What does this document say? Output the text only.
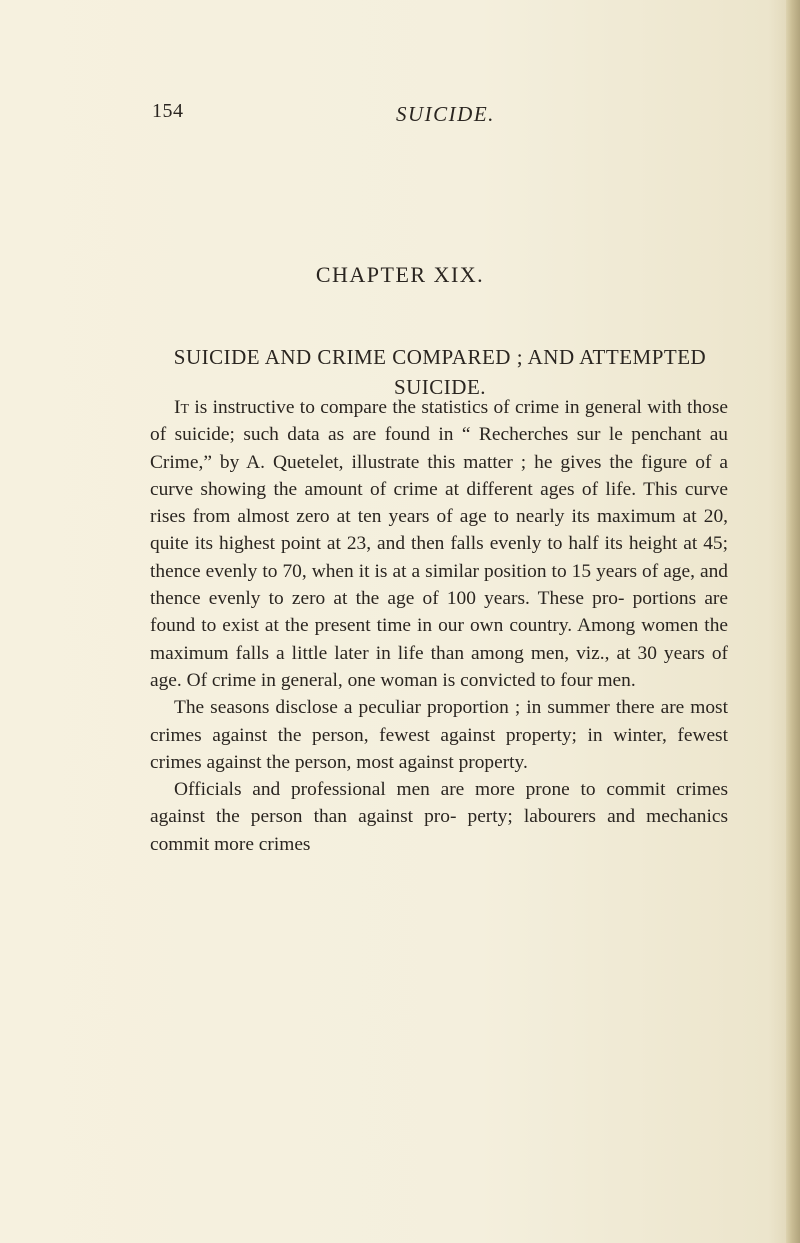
154	SUICIDE.
CHAPTER XIX.
SUICIDE AND CRIME COMPARED ; AND ATTEMPTED SUICIDE.

It is instructive to compare the statistics of crime in general with those of suicide; such data as are found in “ Recherches sur le penchant au Crime,” by A. Quetelet, illustrate this matter ; he gives the figure of a curve showing the amount of crime at different ages of life. This curve rises from almost zero at ten years of age to nearly its maximum at 20, quite its highest point at 23, and then falls evenly to half its height at 45; thence evenly to 70, when it is at a similar position to 15 years of age, and thence evenly to zero at the age of 100 years. These pro- portions are found to exist at the present time in our own country. Among women the maximum falls a little later in life than among men, viz., at 30 years of age. Of crime in general, one woman is convicted to four men.

The seasons disclose a peculiar proportion ; in summer there are most crimes against the person, fewest against property; in winter, fewest crimes against the person, most against property.

Officials and professional men are more prone to commit crimes against the person than against pro- perty; labourers and mechanics commit more crimes
